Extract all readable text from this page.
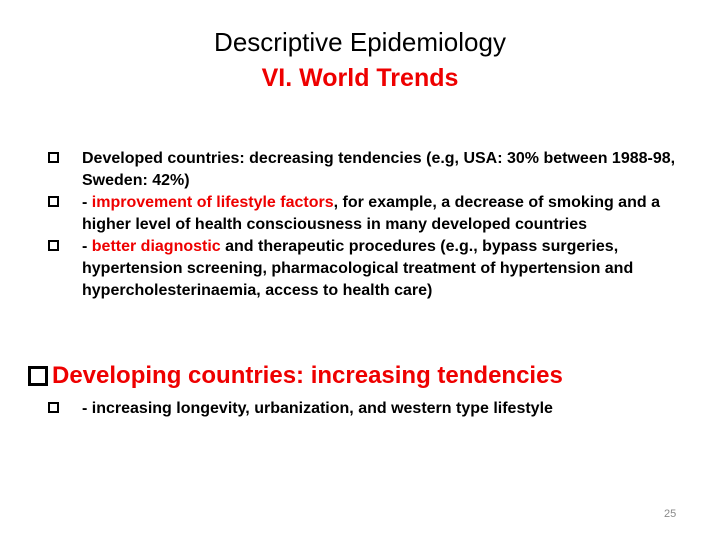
Descriptive Epidemiology
VI. World Trends
Developed countries: decreasing tendencies (e.g, USA: 30% between 1988-98, Sweden: 42%)
- improvement of lifestyle factors, for example, a decrease of smoking and a higher level of health consciousness in many developed countries
- better diagnostic and therapeutic procedures (e.g., bypass surgeries, hypertension screening, pharmacological treatment of hypertension and hypercholesterinaemia, access to health care)
Developing countries: increasing tendencies
- increasing longevity, urbanization, and western type lifestyle
25
